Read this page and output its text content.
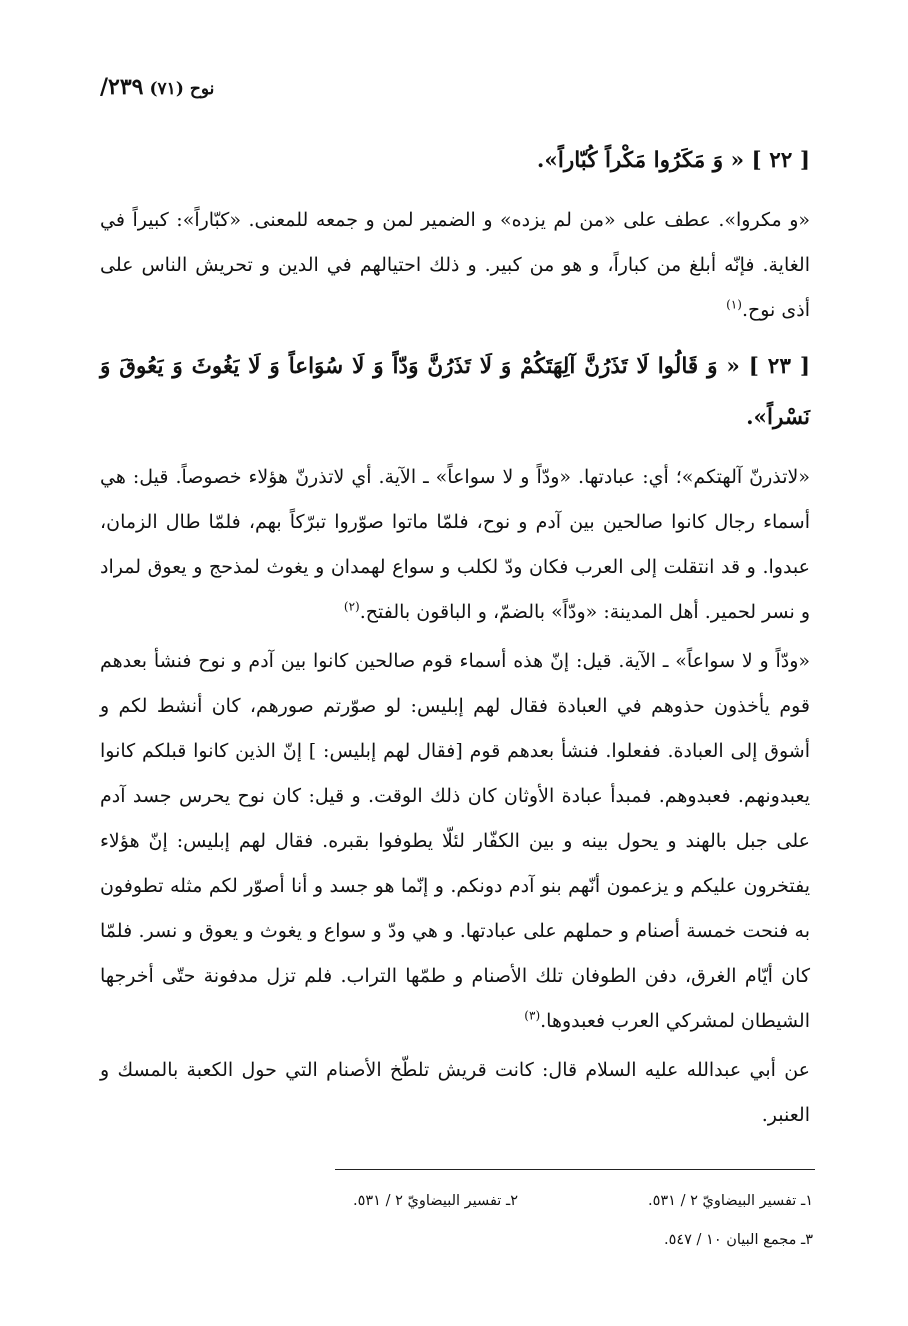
نوح
(٧١)
٢٣٩/

[ ٢٢ ] « وَ مَكَرُوا مَكْراً كُبّاراً».

«و مكروا». عطف على «من لم يزده» و الضمير لمن و جمعه للمعنى. «كبّاراً»: كبيراً في الغاية. فإنّه أبلغ من كباراً، و هو من كبير. و ذلك احتيالهم في الدين و تحريش الناس على أذى نوح.$^{(١)}$

[ ٢٣ ] « وَ قَالُوا لَا تَذَرُنَّ آلِهَتَكُمْ وَ لَا تَذَرُنَّ وَدّاً وَ لَا سُوَاعاً وَ لَا يَغُوثَ وَ يَعُوقَ وَ نَسْراً».

«لاتذرنّ آلهتكم»؛ أي: عبادتها. «ودّاً و لا سواعاً» ـ الآية. أي لاتذرنّ هؤلاء خصوصاً. قيل: هي أسماء رجال كانوا صالحين بين آدم و نوح، فلمّا ماتوا صوّروا تبرّكاً بهم، فلمّا طال الزمان، عبدوا. و قد انتقلت إلى العرب فكان ودّ لكلب و سواع لهمدان و يغوث لمذحج و يعوق لمراد و نسر لحمير. أهل المدينة: «ودّاً» بالضمّ، و الباقون بالفتح.$^{(٢)}$

«ودّاً و لا سواعاً» ـ الآية. قيل: إنّ هذه أسماء قوم صالحين كانوا بين آدم و نوح فنشأ بعدهم قوم يأخذون حذوهم في العبادة فقال لهم إبليس: لو صوّرتم صورهم، كان أنشط لكم و أشوق إلى العبادة. ففعلوا. فنشأ بعدهم قوم [فقال لهم إبليس: ] إنّ الذين كانوا قبلكم كانوا يعبدونهم. فعبدوهم. فمبدأ عبادة الأوثان كان ذلك الوقت. و قيل: كان نوح يحرس جسد آدم على جبل بالهند و يحول بينه و بين الكفّار لئلّا يطوفوا بقبره. فقال لهم إبليس: إنّ هؤلاء يفتخرون عليكم و يزعمون أنّهم بنو آدم دونكم. و إنّما هو جسد و أنا أصوّر لكم مثله تطوفون به فنحت خمسة أصنام و حملهم على عبادتها. و هي ودّ و سواع و يغوث و يعوق و نسر. فلمّا كان أيّام الغرق، دفن الطوفان تلك الأصنام و طمّها التراب. فلم تزل مدفونة حتّى أخرجها الشيطان لمشركي العرب فعبدوها.$^{(٣)}$

عن أبي عبدالله عليه السلام قال: كانت قريش تلطّخ الأصنام التي حول الكعبة بالمسك و العنبر.

١ـ تفسير البيضاويّ ٢ / ٥٣١.
٢ـ تفسير البيضاويّ ٢ / ٥٣١.
٣ـ مجمع البيان ١٠ / ٥٤٧.
